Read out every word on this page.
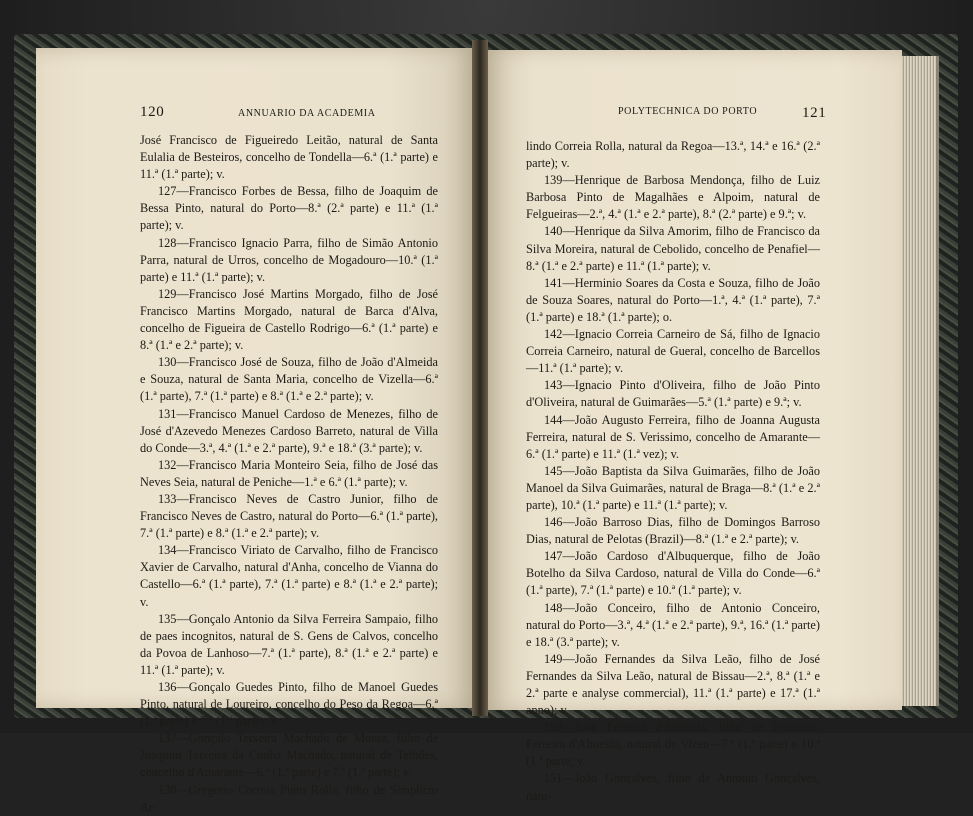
120	ANNUARIO DA ACADEMIA

José Francisco de Figueiredo Leitão, natural de Santa Eulalia de Besteiros, concelho de Tondella—6.ª (1.ª parte) e 11.ª (1.ª parte); v.

127—Francisco Forbes de Bessa, filho de Joaquim de Bessa Pinto, natural do Porto—8.ª (2.ª parte) e 11.ª (1.ª parte); v.

128—Francisco Ignacio Parra, filho de Simão Antonio Parra, natural de Urros, concelho de Mogadouro—10.ª (1.ª parte) e 11.ª (1.ª parte); v.

129—Francisco José Martins Morgado, filho de José Francisco Martins Morgado, natural de Barca d'Alva, concelho de Figueira de Castello Rodrigo—6.ª (1.ª parte) e 8.ª (1.ª e 2.ª parte); v.

130—Francisco José de Souza, filho de João d'Almeida e Souza, natural de Santa Maria, concelho de Vizella—6.ª (1.ª parte), 7.ª (1.ª parte) e 8.ª (1.ª e 2.ª parte); v.

131—Francisco Manuel Cardoso de Menezes, filho de José d'Azevedo Menezes Cardoso Barreto, natural de Villa do Conde—3.ª, 4.ª (1.ª e 2.ª parte), 9.ª e 18.ª (3.ª parte); v.

132—Francisco Maria Monteiro Seia, filho de José das Neves Seia, natural de Peniche—1.ª e 6.ª (1.ª parte); v.

133—Francisco Neves de Castro Junior, filho de Francisco Neves de Castro, natural do Porto—6.ª (1.ª parte), 7.ª (1.ª parte) e 8.ª (1.ª e 2.ª parte); v.

134—Francisco Viriato de Carvalho, filho de Francisco Xavier de Carvalho, natural d'Anha, concelho de Vianna do Castello—6.ª (1.ª parte), 7.ª (1.ª parte) e 8.ª (1.ª e 2.ª parte); v.

135—Gonçalo Antonio da Silva Ferreira Sampaio, filho de paes incognitos, natural de S. Gens de Calvos, concelho da Povoa de Lanhoso—7.ª (1.ª parte), 8.ª (1.ª e 2.ª parte) e 11.ª (1.ª parte); v.

136—Gonçalo Guedes Pinto, filho de Manoel Guedes Pinto, natural de Loureiro, concelho do Peso da Regoa—6.ª (1.ª parte) e 7.ª (1.ª parte); v.

137—Gonçalo Teixeira Machado de Moura, filho de Joaquim Teixeira da Cunha Machado, natural de Telhões, concelho d'Amarante—6.ª (1.ª parte) e 7.ª (1.ª parte); v.

138—Gregorio Correia Pinto Rolla, filho de Simplicio Ar-

POLYTECHNICA DO PORTO	121

lindo Correia Rolla, natural da Regoa—13.ª, 14.ª e 16.ª (2.ª parte); v.

139—Henrique de Barbosa Mendonça, filho de Luiz Barbosa Pinto de Magalhães e Alpoim, natural de Felgueiras—2.ª, 4.ª (1.ª e 2.ª parte), 8.ª (2.ª parte) e 9.ª; v.

140—Henrique da Silva Amorim, filho de Francisco da Silva Moreira, natural de Cebolido, concelho de Penafiel—8.ª (1.ª e 2.ª parte) e 11.ª (1.ª parte); v.

141—Herminio Soares da Costa e Souza, filho de João de Souza Soares, natural do Porto—1.ª, 4.ª (1.ª parte), 7.ª (1.ª parte) e 18.ª (1.ª parte); o.

142—Ignacio Correia Carneiro de Sá, filho de Ignacio Correia Carneiro, natural de Gueral, concelho de Barcellos—11.ª (1.ª parte); v.

143—Ignacio Pinto d'Oliveira, filho de João Pinto d'Oliveira, natural de Guimarães—5.ª (1.ª parte) e 9.ª; v.

144—João Augusto Ferreira, filho de Joanna Augusta Ferreira, natural de S. Verissimo, concelho de Amarante—6.ª (1.ª parte) e 11.ª (1.ª vez); v.

145—João Baptista da Silva Guimarães, filho de João Manoel da Silva Guimarães, natural de Braga—8.ª (1.ª e 2.ª parte), 10.ª (1.ª parte) e 11.ª (1.ª parte); v.

146—João Barroso Dias, filho de Domingos Barroso Dias, natural de Pelotas (Brazil)—8.ª (1.ª e 2.ª parte); v.

147—João Cardoso d'Albuquerque, filho de João Botelho da Silva Cardoso, natural de Villa do Conde—6.ª (1.ª parte), 7.ª (1.ª parte) e 10.ª (1.ª parte); v.

148—João Conceiro, filho de Antonio Conceiro, natural do Porto—3.ª, 4.ª (1.ª e 2.ª parte), 9.ª, 16.ª (1.ª parte) e 18.ª (3.ª parte); v.

149—João Fernandes da Silva Leão, filho de José Fernandes da Silva Leão, natural de Bissau—2.ª, 8.ª (1.ª e 2.ª parte e analyse commercial), 11.ª (1.ª parte) e 17.ª (1.ª anno); v.

150—João Ferreira d'Almeida, filho de Francisco Ferreira d'Almeida, natural de Vizeu—7.ª (1.ª parte) e 10.ª (1.ª parte; v.

151—João Gonçalves, filho de Antonio Gonçalves, natu-
